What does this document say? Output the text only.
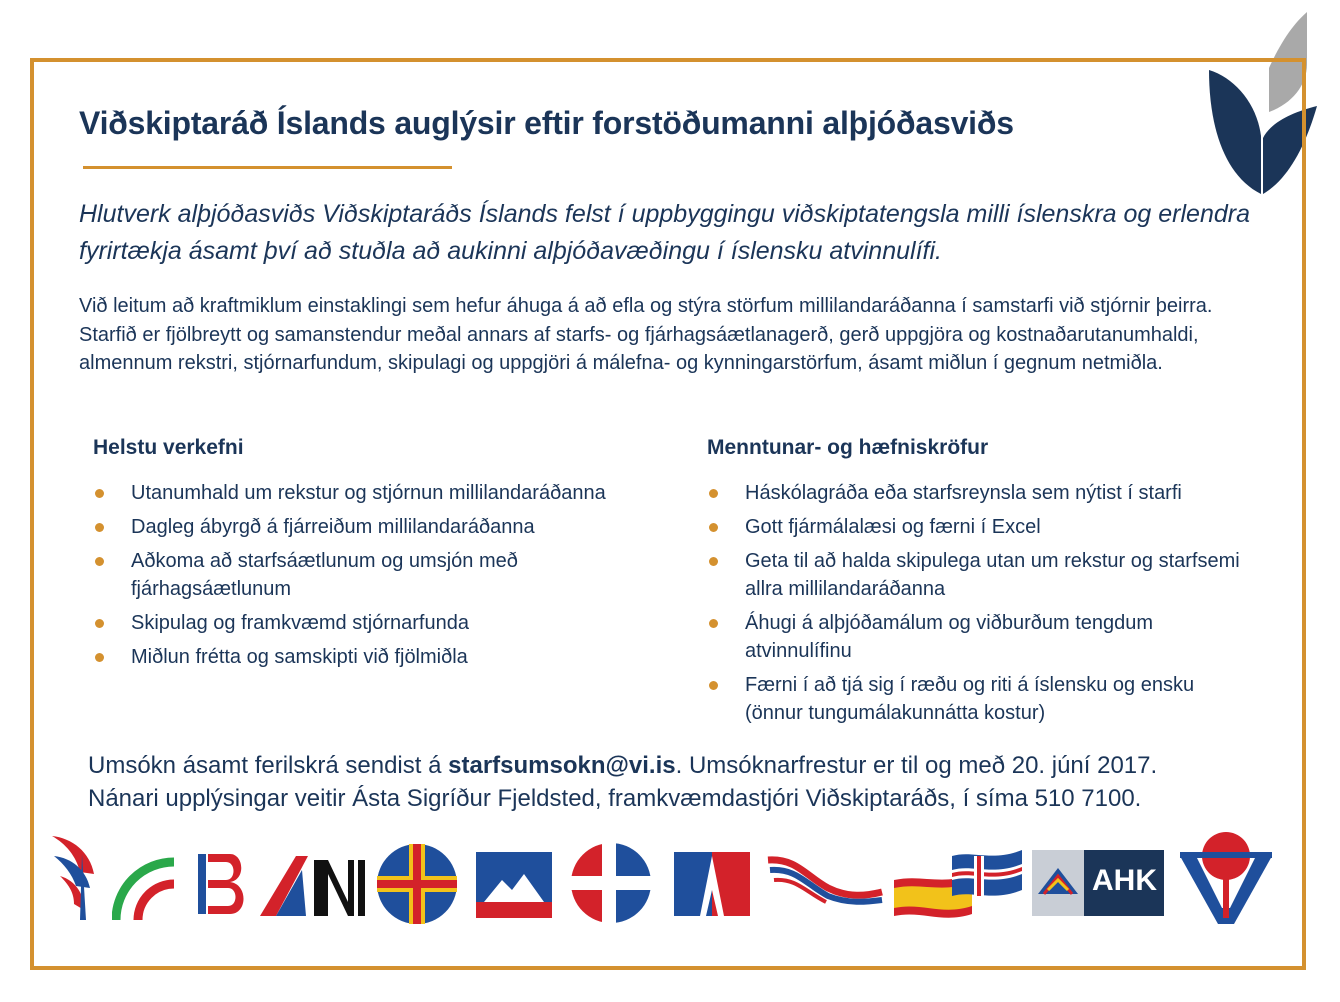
Viðskiptaráð Íslands auglýsir eftir forstöðumanni alþjóðasviðs

Hlutverk alþjóðasviðs Viðskiptaráðs Íslands felst í uppbyggingu viðskiptatengsla milli íslenskra og erlendra fyrirtækja ásamt því að stuðla að aukinni alþjóðavæðingu í íslensku atvinnulífi.

Við leitum að kraftmiklum einstaklingi sem hefur áhuga á að efla og stýra störfum millilandaráðanna í samstarfi við stjórnir þeirra. Starfið er fjölbreytt og samanstendur meðal annars af starfs- og fjárhagsáætlanagerð, gerð uppgjöra og kostnaðarutanumhaldi, almennum rekstri, stjórnarfundum, skipulagi og uppgjöri á málefna- og kynningarstörfum, ásamt miðlun í gegnum netmiðla.

Helstu verkefni
Utanumhald um rekstur og stjórnun millilandaráðanna
Dagleg ábyrgð á fjárreiðum millilandaráðanna
Aðkoma að starfsáætlunum og umsjón með fjárhagsáætlunum
Skipulag og framkvæmd stjórnarfunda
Miðlun frétta og samskipti við fjölmiðla
Menntunar- og hæfniskröfur
Háskólagráða eða starfsreynsla sem nýtist í starfi
Gott fjármálalæsi og færni í Excel
Geta til að halda skipulega utan um rekstur og starfsemi allra millilandaráðanna
Áhugi á alþjóðamálum og viðburðum tengdum atvinnulífinu
Færni í að tjá sig í ræðu og riti á íslensku og ensku (önnur tungumálakunnátta kostur)

Umsókn ásamt ferilskrá sendist á starfsumsokn@vi.is. Umsóknarfrestur er til og með 20. júní 2017.
Nánari upplýsingar veitir Ásta Sigríður Fjeldsted, framkvæmdastjóri Viðskiptaráðs, í síma 510 7100.

AHK
